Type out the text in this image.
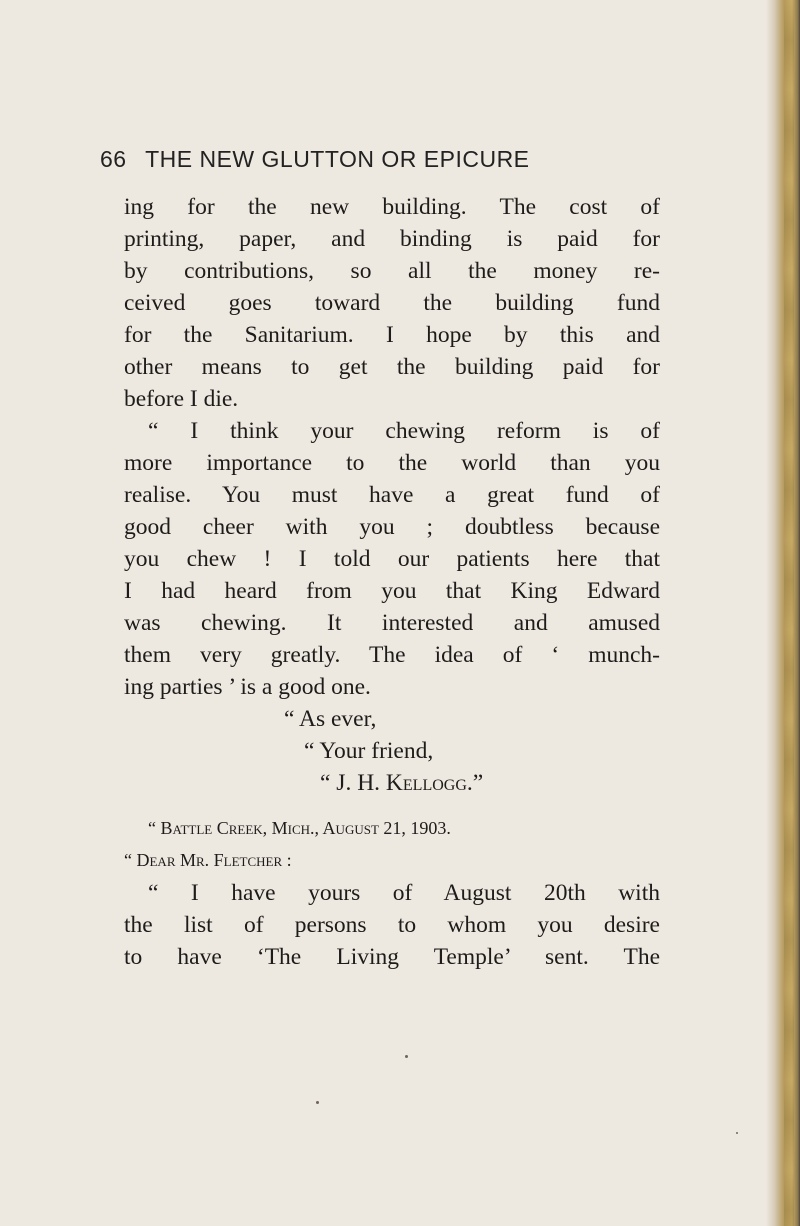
66 THE NEW GLUTTON OR EPICURE
ing for the new building. The cost of
printing, paper, and binding is paid for
by contributions, so all the money re-
ceived goes toward the building fund
for the Sanitarium. I hope by this and
other means to get the building paid for
before I die.
“ I think your chewing reform is of
more importance to the world than you
realise. You must have a great fund of
good cheer with you ; doubtless because
you chew ! I told our patients here that
I had heard from you that King Edward
was chewing. It interested and amused
them very greatly. The idea of ‘ munch-
ing parties ’ is a good one.
“ As ever,
“ Your friend,
“ J. H. Kellogg.”
“ Battle Creek, Mich., August 21, 1903.
“ Dear Mr. Fletcher :
“ I have yours of August 20th with
the list of persons to whom you desire
to have ‘The Living Temple’ sent. The
